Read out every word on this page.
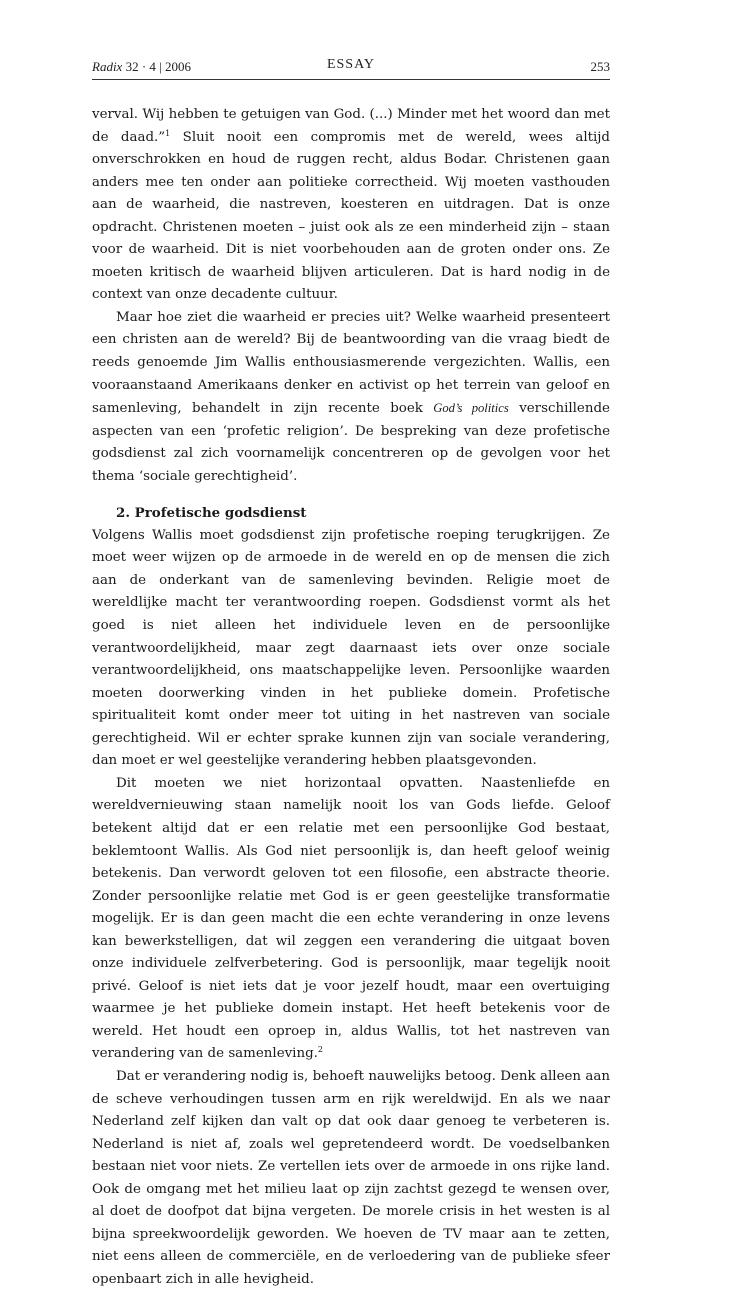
Radix 32 · 4 | 2006	ESSAY	253

verval. Wij hebben te getuigen van God. (...) Minder met het woord dan met de daad.”$^1$ Sluit nooit een compromis met de wereld, wees altijd onverschrokken en houd de ruggen recht, aldus Bodar. Christenen gaan anders mee ten onder aan politieke correctheid. Wij moeten vasthouden aan de waarheid, die nastreven, koesteren en uitdragen. Dat is onze opdracht. Christenen moeten – juist ook als ze een minderheid zijn – staan voor de waarheid. Dit is niet voorbehouden aan de groten onder ons. Ze moeten kritisch de waarheid blijven articuleren. Dat is hard nodig in de context van onze decadente cultuur.

Maar hoe ziet die waarheid er precies uit? Welke waarheid presenteert een christen aan de wereld? Bij de beantwoording van die vraag biedt de reeds genoemde Jim Wallis enthousiasmerende vergezichten. Wallis, een vooraanstaand Amerikaans denker en activist op het terrein van geloof en samenleving, behandelt in zijn recente boek God’s politics verschillende aspecten van een ‘profetic religion’. De bespreking van deze profetische godsdienst zal zich voornamelijk concentreren op de gevolgen voor het thema ‘sociale gerechtigheid’.

2. Profetische godsdienst

Volgens Wallis moet godsdienst zijn profetische roeping terugkrijgen. Ze moet weer wijzen op de armoede in de wereld en op de mensen die zich aan de onderkant van de samenleving bevinden. Religie moet de wereldlijke macht ter verantwoording roepen. Godsdienst vormt als het goed is niet alleen het individuele leven en de persoonlijke verantwoordelijkheid, maar zegt daarnaast iets over onze sociale verantwoordelijkheid, ons maatschappelijke leven. Persoonlijke waarden moeten doorwerking vinden in het publieke domein. Profetische spiritualiteit komt onder meer tot uiting in het nastreven van sociale gerechtigheid. Wil er echter sprake kunnen zijn van sociale verandering, dan moet er wel geestelijke verandering hebben plaatsgevonden.

Dit moeten we niet horizontaal opvatten. Naastenliefde en wereldvernieuwing staan namelijk nooit los van Gods liefde. Geloof betekent altijd dat er een relatie met een persoonlijke God bestaat, beklemtoont Wallis. Als God niet persoonlijk is, dan heeft geloof weinig betekenis. Dan verwordt geloven tot een filosofie, een abstracte theorie. Zonder persoonlijke relatie met God is er geen geestelijke transformatie mogelijk. Er is dan geen macht die een echte verandering in onze levens kan bewerkstelligen, dat wil zeggen een verandering die uitgaat boven onze individuele zelfverbetering. God is persoonlijk, maar tegelijk nooit privé. Geloof is niet iets dat je voor jezelf houdt, maar een overtuiging waarmee je het publieke domein instapt. Het heeft betekenis voor de wereld. Het houdt een oproep in, aldus Wallis, tot het nastreven van verandering van de samenleving.$^2$

Dat er verandering nodig is, behoeft nauwelijks betoog. Denk alleen aan de scheve verhoudingen tussen arm en rijk wereldwijd. En als we naar Nederland zelf kijken dan valt op dat ook daar genoeg te verbeteren is. Nederland is niet af, zoals wel gepretendeerd wordt. De voedselbanken bestaan niet voor niets. Ze vertellen iets over de armoede in ons rijke land. Ook de omgang met het milieu laat op zijn zachtst gezegd te wensen over, al doet de doofpot dat bijna vergeten. De morele crisis in het westen is al bijna spreekwoordelijk geworden. We hoeven de TV maar aan te zetten, niet eens alleen de commerciële, en de verloedering van de publieke sfeer openbaart zich in alle hevigheid.
